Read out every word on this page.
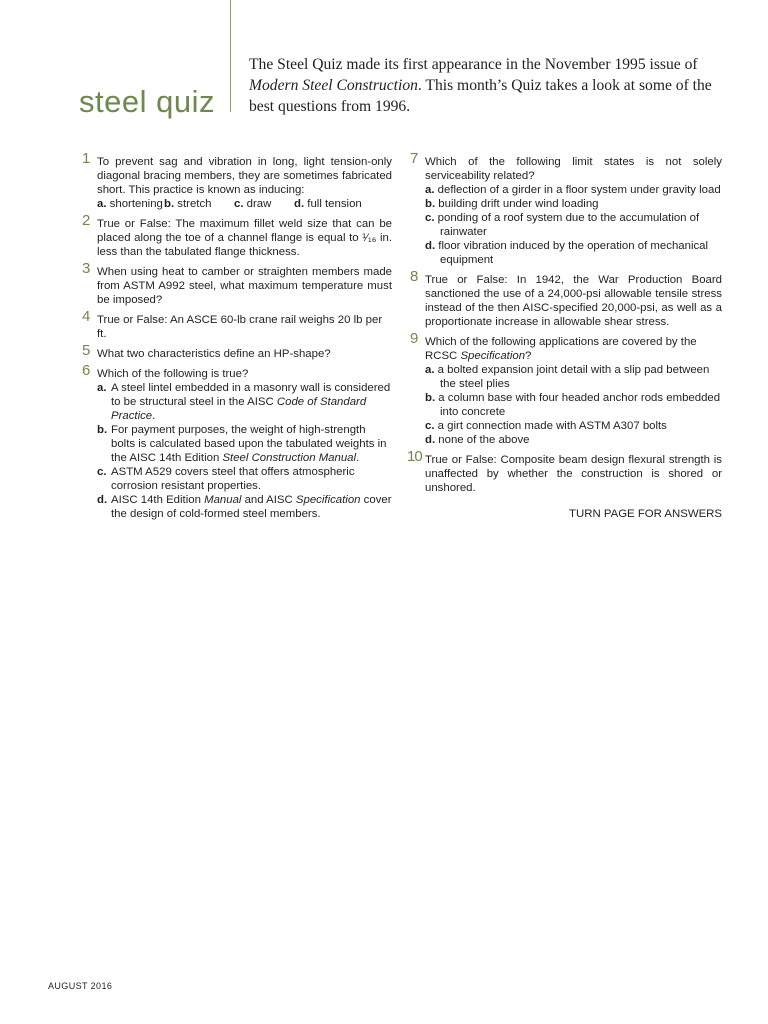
steel quiz
The Steel Quiz made its first appearance in the November 1995 issue of Modern Steel Construction. This month’s Quiz takes a look at some of the best questions from 1996.
1 To prevent sag and vibration in long, light tension-only diagonal bracing members, they are sometimes fabricated short. This practice is known as inducing:
a. shortening b. stretch	c. draw	d. full tension
2 True or False: The maximum fillet weld size that can be placed along the toe of a channel flange is equal to ¹⁄₁₆ in. less than the tabulated flange thickness.
3 When using heat to camber or straighten members made from ASTM A992 steel, what maximum temperature must be imposed?
4 True or False: An ASCE 60-lb crane rail weighs 20 lb per ft.
5 What two characteristics define an HP-shape?
6 Which of the following is true?
a. A steel lintel embedded in a masonry wall is considered to be structural steel in the AISC Code of Standard Practice.
b. For payment purposes, the weight of high-strength bolts is calculated based upon the tabulated weights in the AISC 14th Edition Steel Construction Manual.
c. ASTM A529 covers steel that offers atmospheric corrosion resistant properties.
d. AISC 14th Edition Manual and AISC Specification cover the design of cold-formed steel members.
7 Which of the following limit states is not solely serviceability related?
a. deflection of a girder in a floor system under gravity load
b. building drift under wind loading
c. ponding of a roof system due to the accumulation of rainwater
d. floor vibration induced by the operation of mechanical equipment
8 True or False: In 1942, the War Production Board sanctioned the use of a 24,000-psi allowable tensile stress instead of the then AISC-specified 20,000-psi, as well as a proportionate increase in allowable shear stress.
9 Which of the following applications are covered by the RCSC Specification?
a. a bolted expansion joint detail with a slip pad between the steel plies
b. a column base with four headed anchor rods embedded into concrete
c. a girt connection made with ASTM A307 bolts
d. none of the above
10 True or False: Composite beam design flexural strength is unaffected by whether the construction is shored or unshored.
TURN PAGE FOR ANSWERS
AUGUST 2016
